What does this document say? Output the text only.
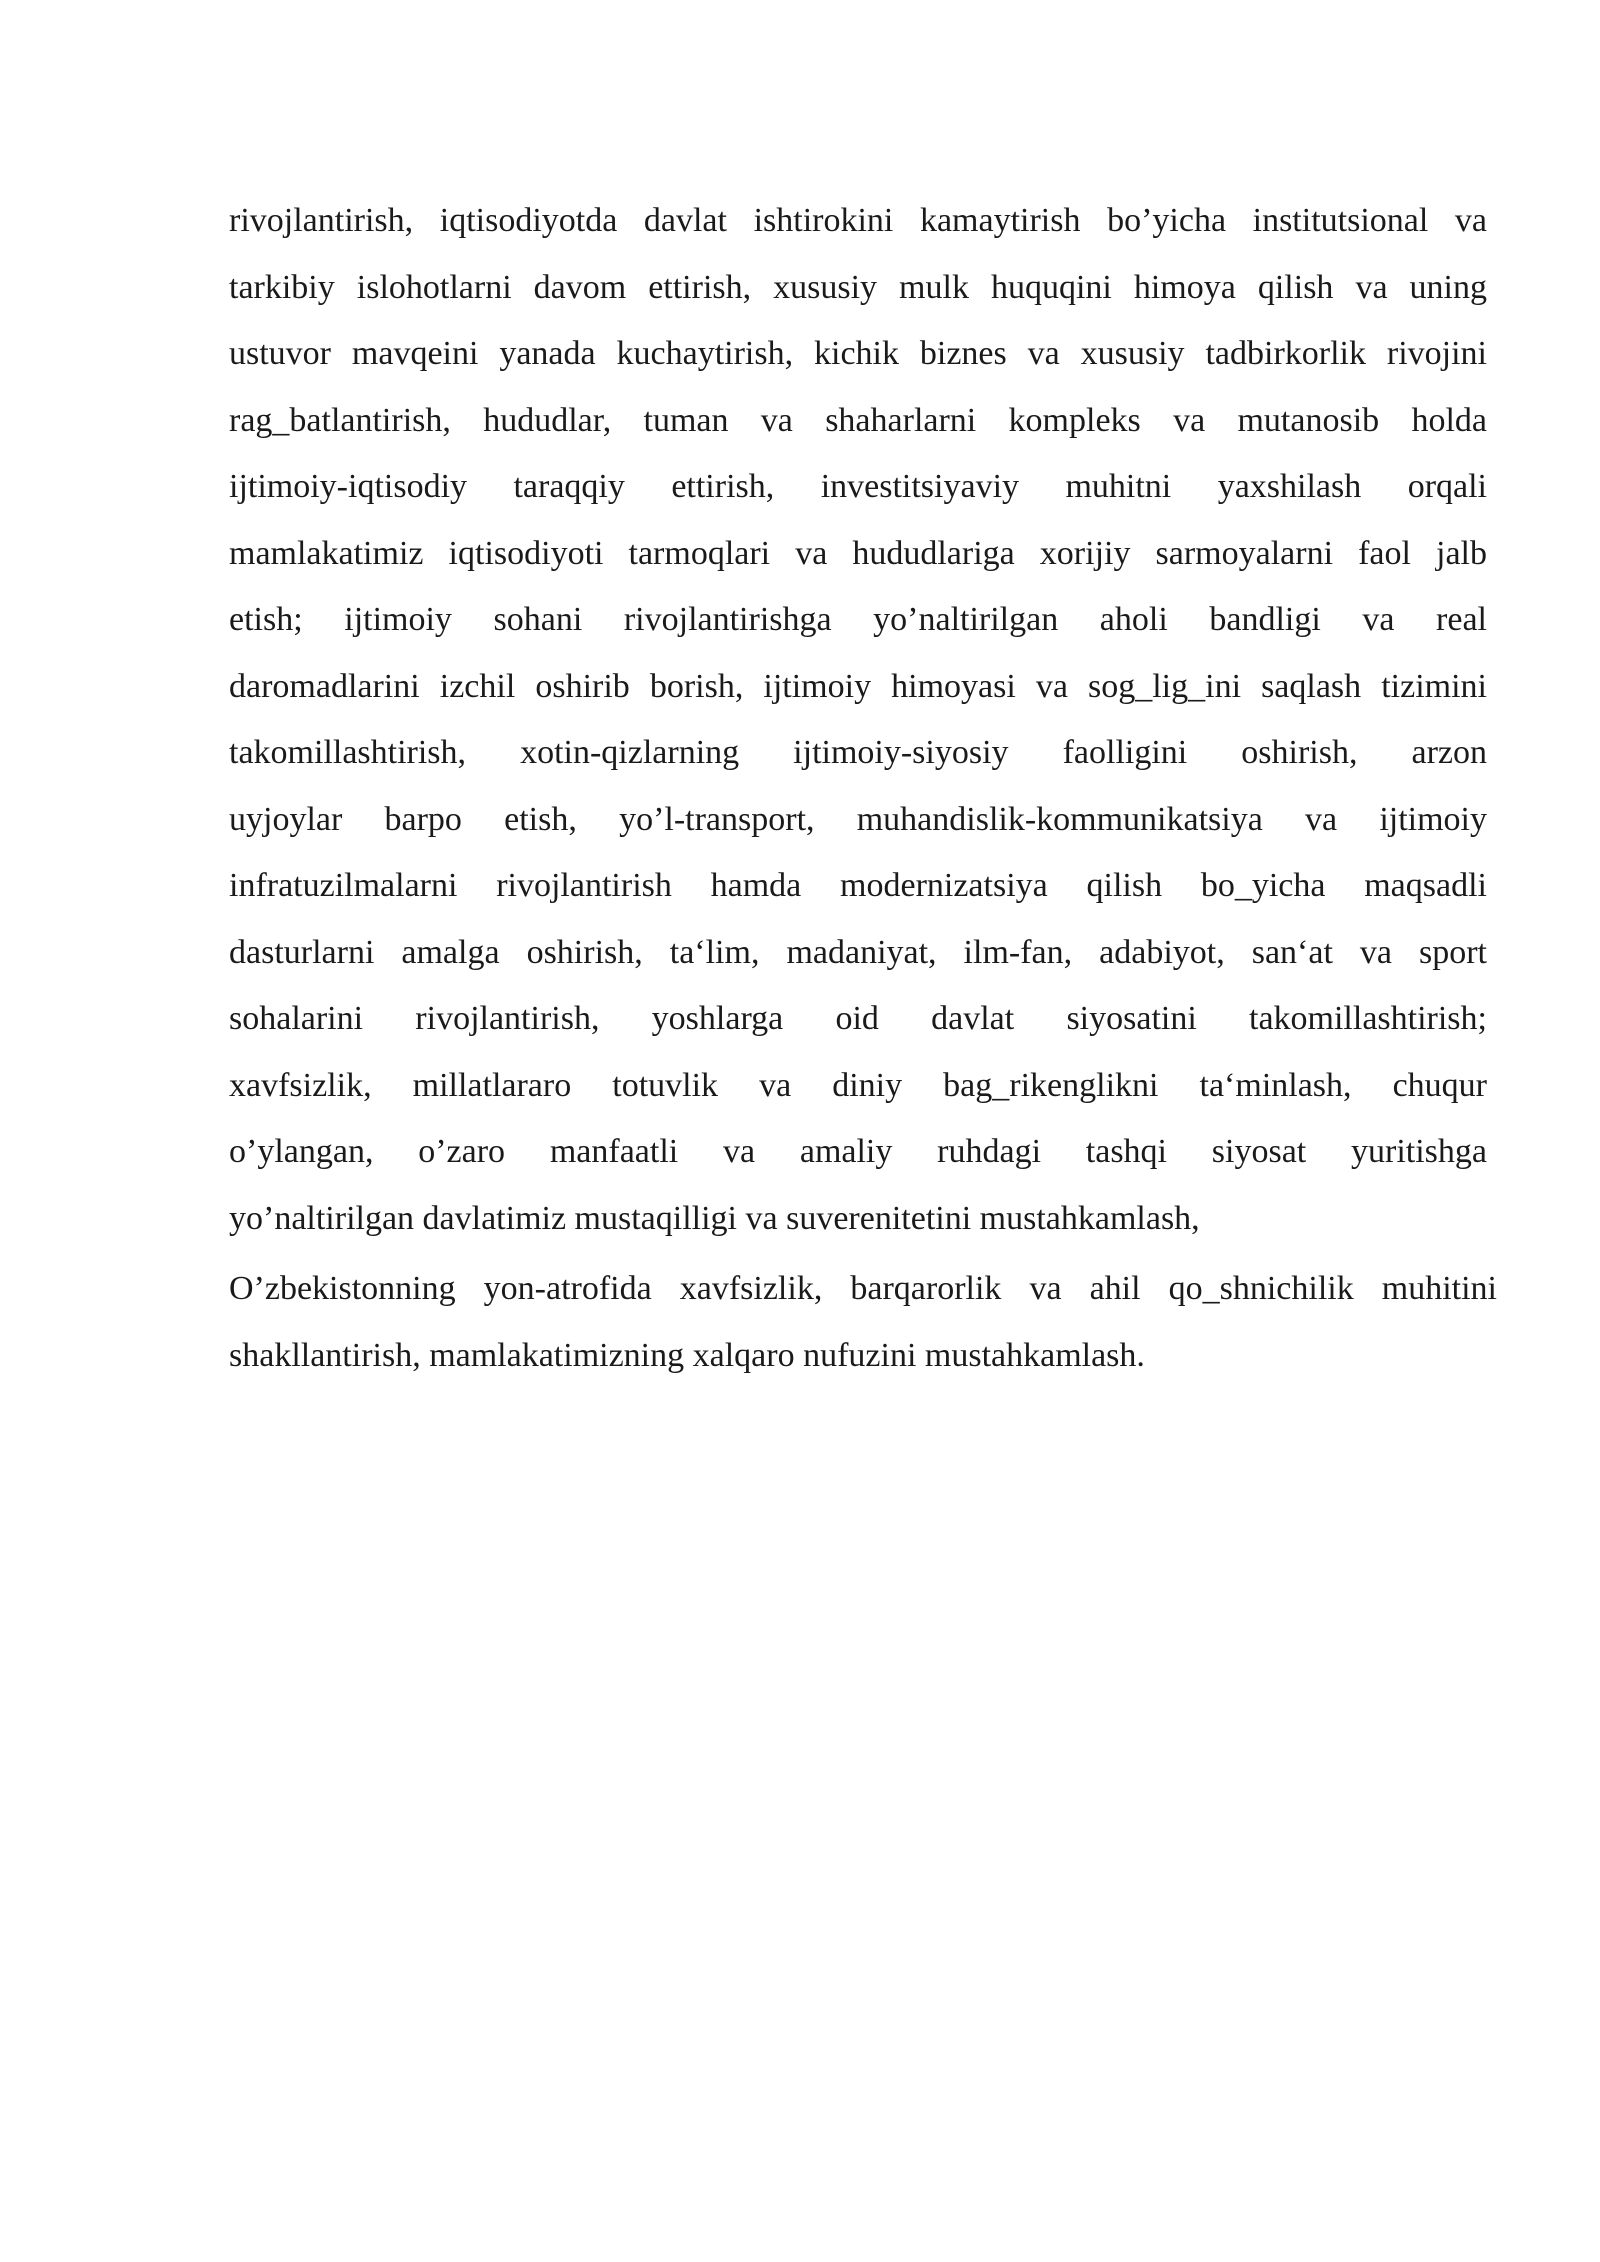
rivojlantirish, iqtisodiyotda davlat ishtirokini kamaytirish bo’yicha institutsional va
tarkibiy islohotlarni davom ettirish, xususiy mulk huquqini himoya qilish va uning
ustuvor mavqeini yanada kuchaytirish, kichik biznes va xususiy tadbirkorlik rivojini
rag_batlantirish, hududlar, tuman va shaharlarni kompleks va mutanosib holda
ijtimoiy-iqtisodiy taraqqiy ettirish, investitsiyaviy muhitni yaxshilash orqali
mamlakatimiz iqtisodiyoti tarmoqlari va hududlariga xorijiy sarmoyalarni faol jalb
etish; ijtimoiy sohani rivojlantirishga yo’naltirilgan aholi bandligi va real
daromadlarini izchil oshirib borish, ijtimoiy himoyasi va sog_lig_ini saqlash tizimini
takomillashtirish, xotin-qizlarning ijtimoiy-siyosiy faolligini oshirish, arzon
uyjoylar barpo etish, yo’l-transport, muhandislik-kommunikatsiya va ijtimoiy
infratuzilmalarni rivojlantirish hamda modernizatsiya qilish bo_yicha maqsadli
dasturlarni amalga oshirish, ta‘lim, madaniyat, ilm-fan, adabiyot, san‘at va sport
sohalarini rivojlantirish, yoshlarga oid davlat siyosatini takomillashtirish;
xavfsizlik, millatlararo totuvlik va diniy bag_rikenglikni ta‘minlash, chuqur
o’ylangan, o’zaro manfaatli va amaliy ruhdagi tashqi siyosat yuritishga
yo’naltirilgan davlatimiz mustaqilligi va suverenitetini mustahkamlash,

O’zbekistonning yon-atrofida xavfsizlik, barqarorlik va ahil qo_shnichilik muhitini
shakllantirish, mamlakatimizning xalqaro nufuzini mustahkamlash.
